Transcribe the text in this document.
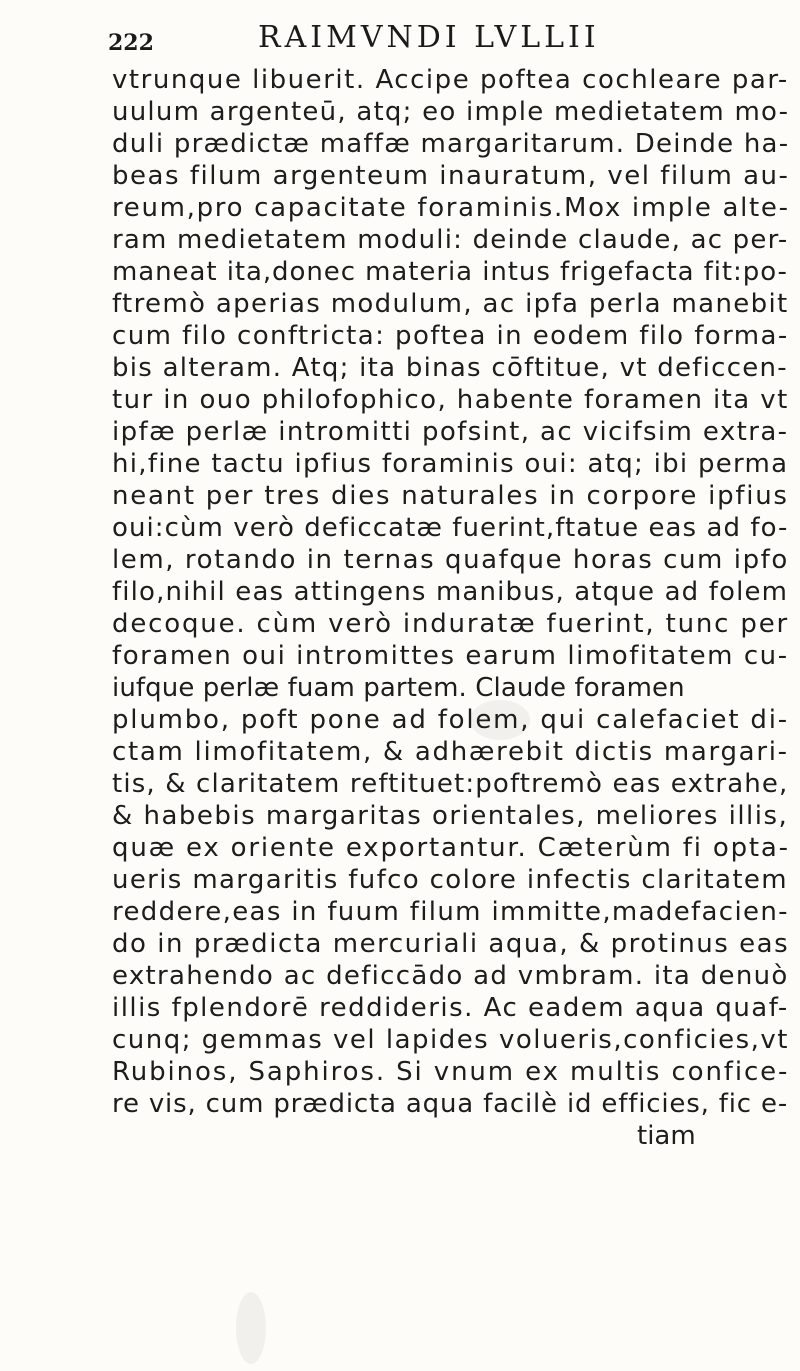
222	RAIMVNDI LVLLII
vtrunque libuerit. Accipe poftea cochleare par-
uulum argenteū, atq; eo imple medietatem mo-
duli prædictæ maffæ margaritarum. Deinde ha-
beas filum argenteum inauratum, vel filum au-
reum,pro capacitate foraminis.Mox imple alte-
ram medietatem moduli: deinde claude, ac per-
maneat ita,donec materia intus frigefacta fit:po-
ftremò aperias modulum, ac ipfa perla manebit
cum filo conftricta: poftea in eodem filo forma-
bis alteram. Atq; ita binas cōftitue, vt deficcen-
tur in ouo philofophico, habente foramen ita vt
ipfæ perlæ intromitti pofsint, ac vicifsim extra-
hi,fine tactu ipfius foraminis oui: atq; ibi perma
neant per tres dies naturales in corpore ipfius
oui:cùm verò deficcatæ fuerint,ftatue eas ad fo-
lem, rotando in ternas quafque horas cum ipfo
filo,nihil eas attingens manibus, atque ad folem
decoque. cùm verò induratæ fuerint, tunc per
foramen oui intromittes earum limofitatem cu-
iufque perlæ fuam partem. Claude foramen
plumbo, poft pone ad folem, qui calefaciet di-
ctam limofitatem, & adhærebit dictis margari-
tis, & claritatem reftituet:poftremò eas extrahe,
& habebis margaritas orientales, meliores illis,
quæ ex oriente exportantur. Cæterùm fi opta-
ueris margaritis fufco colore infectis claritatem
reddere,eas in fuum filum immitte,madefacien-
do in prædicta mercuriali aqua, & protinus eas
extrahendo ac deficcādo ad vmbram. ita denuò
illis fplendorē reddideris. Ac eadem aqua quaf-
cunq; gemmas vel lapides volueris,conficies,vt
Rubinos, Saphiros. Si vnum ex multis confice-
re vis, cum prædicta aqua facilè id efficies, fic e-
tiam
